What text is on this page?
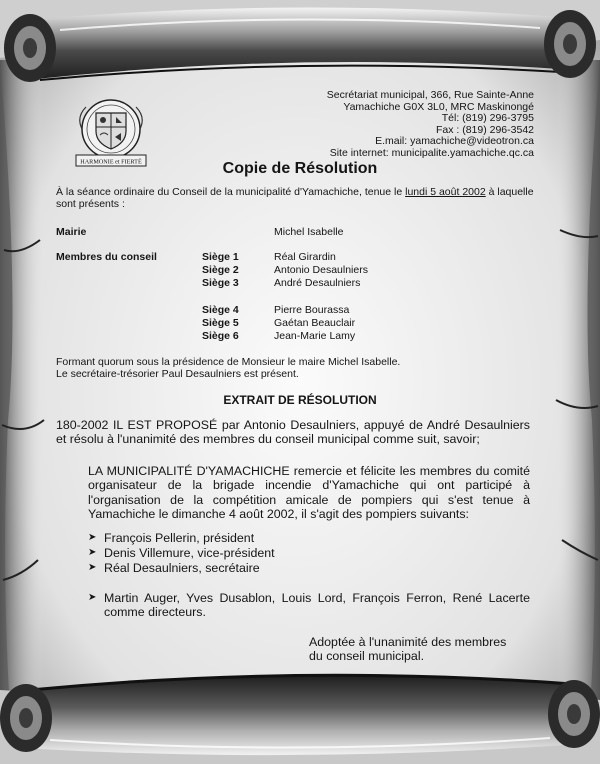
HARMONIE et FIERTÉ
Secrétariat municipal, 366, Rue Sainte-Anne
Yamachiche G0X 3L0, MRC Maskinongé
Tél: (819) 296-3795
Fax : (819) 296-3542
E.mail: yamachiche@videotron.ca
Site internet: municipalite.yamachiche.qc.ca
Copie de Résolution
À la séance ordinaire du Conseil de la municipalité d'Yamachiche, tenue le lundi 5 août 2002 à laquelle sont présents :
Mairie	Michel Isabelle
Membres du conseil	Siège 1	Réal Girardin
Siège 2	Antonio Desaulniers
Siège 3	André Desaulniers
Siège 4	Pierre Bourassa
Siège 5	Gaétan Beauclair
Siège 6	Jean-Marie Lamy
Formant quorum sous la présidence de Monsieur le maire Michel Isabelle.
Le secrétaire-trésorier Paul Desaulniers est présent.
EXTRAIT DE RÉSOLUTION
180-2002 IL EST PROPOSÉ par Antonio Desaulniers, appuyé de André Desaulniers et résolu à l'unanimité des membres du conseil municipal comme suit, savoir;
LA MUNICIPALITÉ D'YAMACHICHE remercie et félicite les membres du comité organisateur de la brigade incendie d'Yamachiche qui ont participé à l'organisation de la compétition amicale de pompiers qui s'est tenue à Yamachiche le dimanche 4 août 2002, il s'agit des pompiers suivants:
➤ François Pellerin, président
➤ Denis Villemure, vice-président
➤ Réal Desaulniers, secrétaire
➤ Martin Auger, Yves Dusablon, Louis Lord, François Ferron, René Lacerte comme directeurs.
Adoptée à l'unanimité des membres
du conseil municipal.
